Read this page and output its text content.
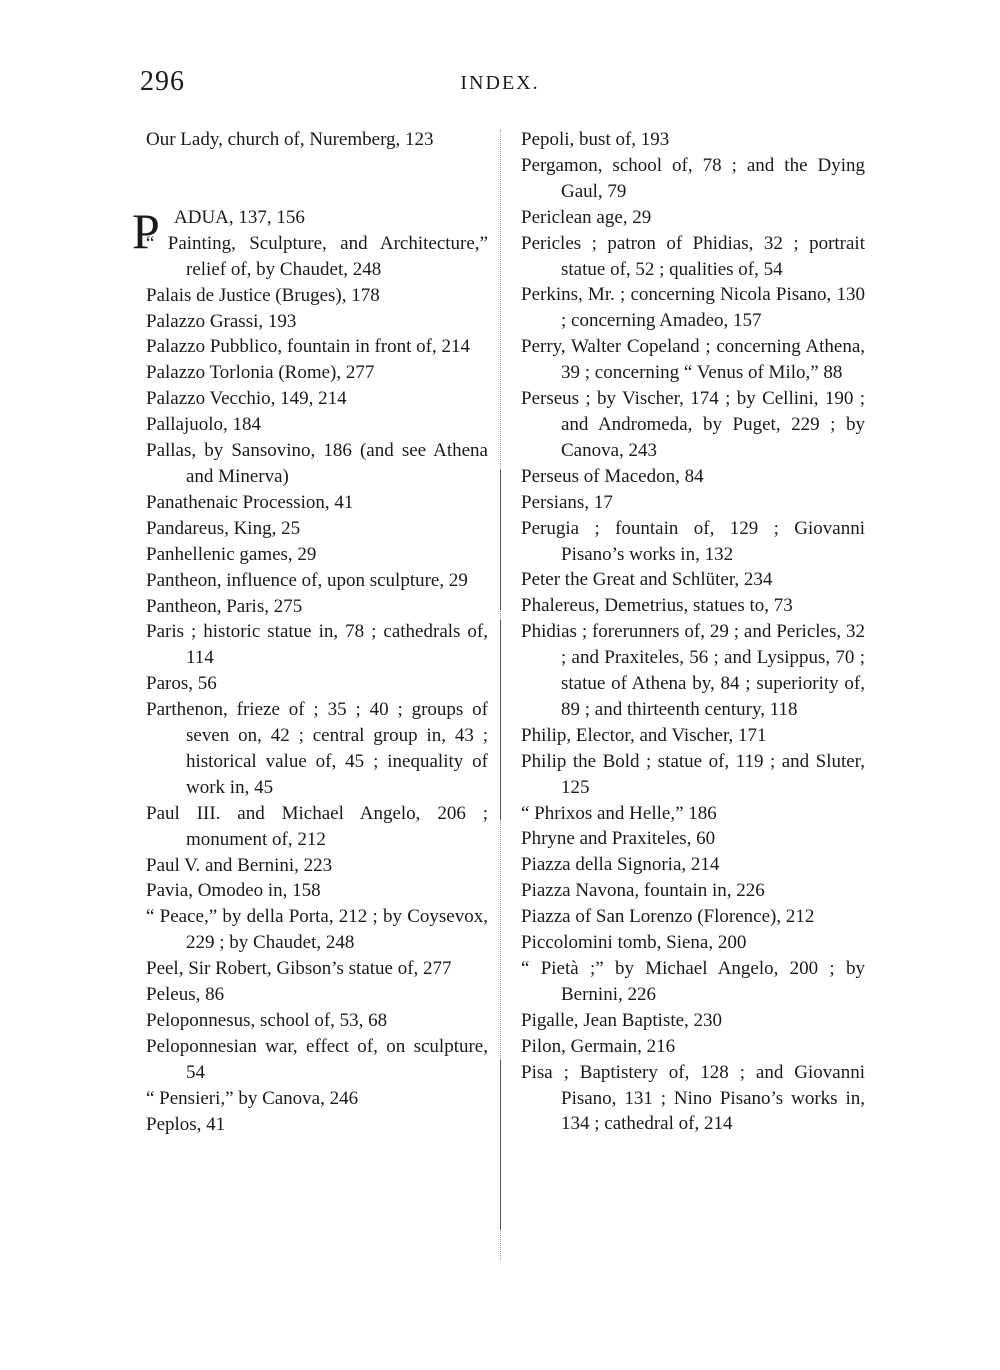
296	INDEX.

Our Lady, church of, Nuremberg, 123

P ADUA, 137, 156

“ Painting, Sculpture, and Architecture,” relief of, by Chaudet, 248

Palais de Justice (Bruges), 178

Palazzo Grassi, 193

Palazzo Pubblico, fountain in front of, 214

Palazzo Torlonia (Rome), 277

Palazzo Vecchio, 149, 214

Pallajuolo, 184

Pallas, by Sansovino, 186 (and see Athena and Minerva)

Panathenaic Procession, 41

Pandareus, King, 25

Panhellenic games, 29

Pantheon, influence of, upon sculpture, 29

Pantheon, Paris, 275

Paris ; historic statue in, 78 ; cathedrals of, 114

Paros, 56

Parthenon, frieze of ; 35 ; 40 ; groups of seven on, 42 ; central group in, 43 ; historical value of, 45 ; inequality of work in, 45

Paul III. and Michael Angelo, 206 ; monument of, 212

Paul V. and Bernini, 223

Pavia, Omodeo in, 158

“ Peace,” by della Porta, 212 ; by Coysevox, 229 ; by Chaudet, 248

Peel, Sir Robert, Gibson’s statue of, 277

Peleus, 86

Peloponnesus, school of, 53, 68

Peloponnesian war, effect of, on sculpture, 54

“ Pensieri,” by Canova, 246

Peplos, 41

Pepoli, bust of, 193

Pergamon, school of, 78 ; and the Dying Gaul, 79

Periclean age, 29

Pericles ; patron of Phidias, 32 ; portrait statue of, 52 ; qualities of, 54

Perkins, Mr. ; concerning Nicola Pisano, 130 ; concerning Amadeo, 157

Perry, Walter Copeland ; concerning Athena, 39 ; concerning “ Venus of Milo,” 88

Perseus ; by Vischer, 174 ; by Cellini, 190 ; and Andromeda, by Puget, 229 ; by Canova, 243

Perseus of Macedon, 84

Persians, 17

Perugia ; fountain of, 129 ; Giovanni Pisano’s works in, 132

Peter the Great and Schlüter, 234

Phalereus, Demetrius, statues to, 73

Phidias ; forerunners of, 29 ; and Pericles, 32 ; and Praxiteles, 56 ; and Lysippus, 70 ; statue of Athena by, 84 ; superiority of, 89 ; and thirteenth century, 118

Philip, Elector, and Vischer, 171

Philip the Bold ; statue of, 119 ; and Sluter, 125

“ Phrixos and Helle,” 186

Phryne and Praxiteles, 60

Piazza della Signoria, 214

Piazza Navona, fountain in, 226

Piazza of San Lorenzo (Florence), 212

Piccolomini tomb, Siena, 200

“ Pietà ;” by Michael Angelo, 200 ; by Bernini, 226

Pigalle, Jean Baptiste, 230

Pilon, Germain, 216

Pisa ; Baptistery of, 128 ; and Giovanni Pisano, 131 ; Nino Pisano’s works in, 134 ; cathedral of, 214
